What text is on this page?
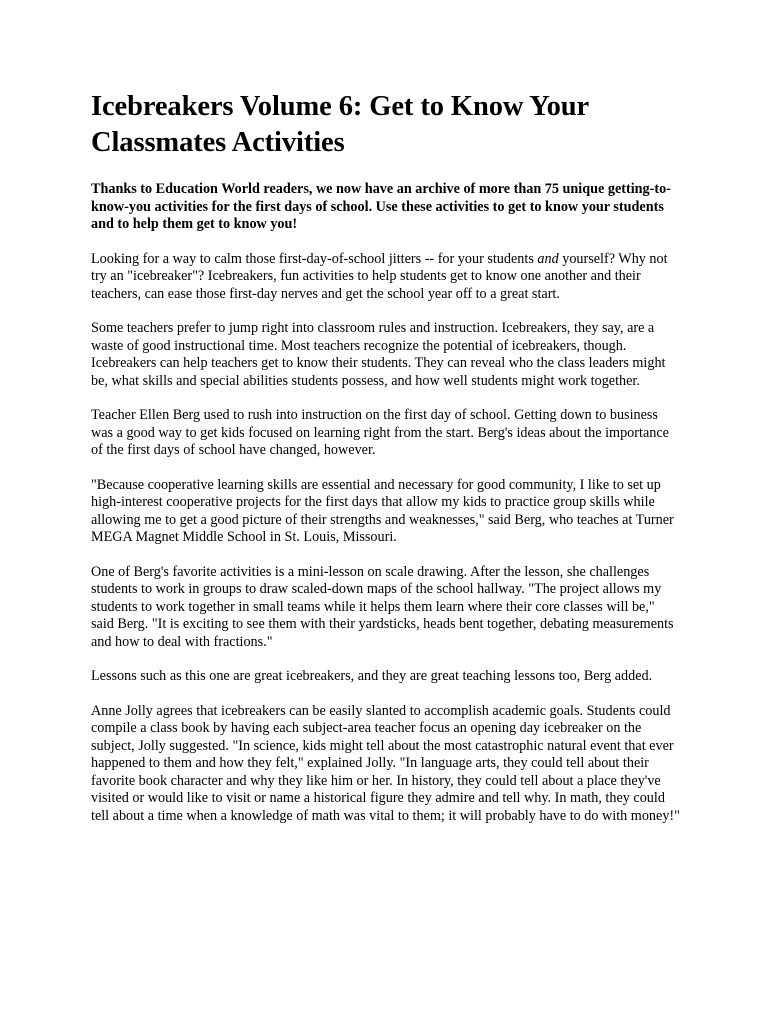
Icebreakers Volume 6: Get to Know Your Classmates Activities

Thanks to Education World readers, we now have an archive of more than 75 unique getting-to-know-you activities for the first days of school. Use these activities to get to know your students and to help them get to know you!

Looking for a way to calm those first-day-of-school jitters -- for your students and yourself? Why not try an "icebreaker"? Icebreakers, fun activities to help students get to know one another and their teachers, can ease those first-day nerves and get the school year off to a great start.

Some teachers prefer to jump right into classroom rules and instruction. Icebreakers, they say, are a waste of good instructional time. Most teachers recognize the potential of icebreakers, though. Icebreakers can help teachers get to know their students. They can reveal who the class leaders might be, what skills and special abilities students possess, and how well students might work together.

Teacher Ellen Berg used to rush into instruction on the first day of school. Getting down to business was a good way to get kids focused on learning right from the start. Berg's ideas about the importance of the first days of school have changed, however.

"Because cooperative learning skills are essential and necessary for good community, I like to set up high-interest cooperative projects for the first days that allow my kids to practice group skills while allowing me to get a good picture of their strengths and weaknesses," said Berg, who teaches at Turner MEGA Magnet Middle School in St. Louis, Missouri.

One of Berg's favorite activities is a mini-lesson on scale drawing. After the lesson, she challenges students to work in groups to draw scaled-down maps of the school hallway. "The project allows my students to work together in small teams while it helps them learn where their core classes will be," said Berg. "It is exciting to see them with their yardsticks, heads bent together, debating measurements and how to deal with fractions."

Lessons such as this one are great icebreakers, and they are great teaching lessons too, Berg added.

Anne Jolly agrees that icebreakers can be easily slanted to accomplish academic goals. Students could compile a class book by having each subject-area teacher focus an opening day icebreaker on the subject, Jolly suggested. "In science, kids might tell about the most catastrophic natural event that ever happened to them and how they felt," explained Jolly. "In language arts, they could tell about their favorite book character and why they like him or her. In history, they could tell about a place they've visited or would like to visit or name a historical figure they admire and tell why. In math, they could tell about a time when a knowledge of math was vital to them; it will probably have to do with money!"
